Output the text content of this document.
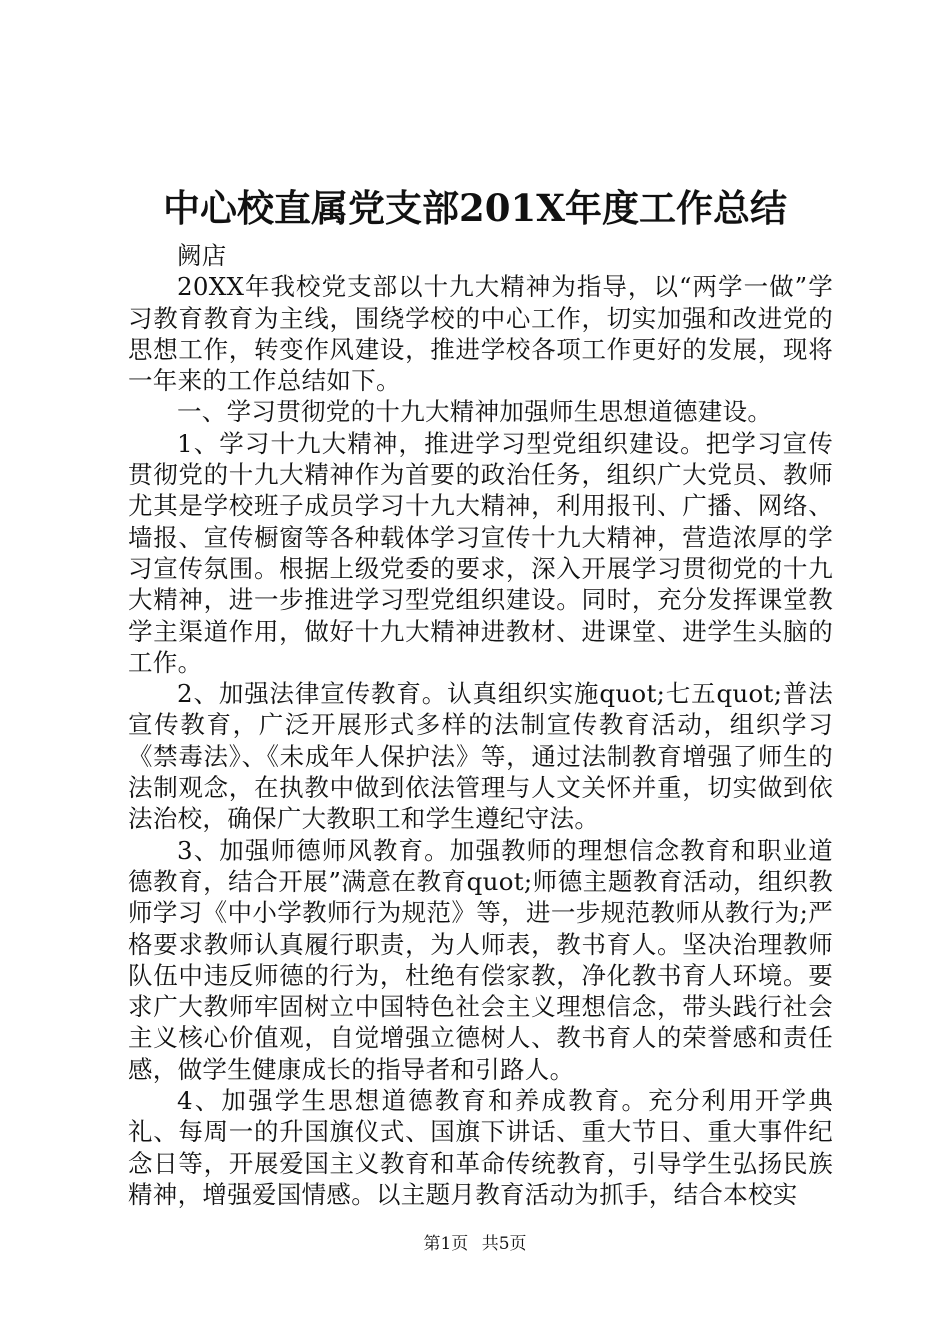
中心校直属党支部201X年度工作总结

阙店

20XX年我校党支部以十九大精神为指导，以“两学一做”学习教育教育为主线，围绕学校的中心工作，切实加强和改进党的思想工作，转变作风建设，推进学校各项工作更好的发展，现将一年来的工作总结如下。

一、学习贯彻党的十九大精神加强师生思想道德建设。

1、学习十九大精神，推进学习型党组织建设。把学习宣传贯彻党的十九大精神作为首要的政治任务，组织广大党员、教师尤其是学校班子成员学习十九大精神，利用报刊、广播、网络、墙报、宣传橱窗等各种载体学习宣传十九大精神，营造浓厚的学习宣传氛围。根据上级党委的要求，深入开展学习贯彻党的十九大精神，进一步推进学习型党组织建设。同时，充分发挥课堂教学主渠道作用，做好十九大精神进教材、进课堂、进学生头脑的工作。

2、加强法律宣传教育。认真组织实施quot;七五quot;普法宣传教育，广泛开展形式多样的法制宣传教育活动，组织学习《禁毒法》、《未成年人保护法》等，通过法制教育增强了师生的法制观念，在执教中做到依法管理与人文关怀并重，切实做到依法治校，确保广大教职工和学生遵纪守法。

3、加强师德师风教育。加强教师的理想信念教育和职业道德教育，结合开展”满意在教育quot;师德主题教育活动，组织教师学习《中小学教师行为规范》等，进一步规范教师从教行为;严格要求教师认真履行职责，为人师表，教书育人。坚决治理教师队伍中违反师德的行为，杜绝有偿家教，净化教书育人环境。要求广大教师牢固树立中国特色社会主义理想信念，带头践行社会主义核心价值观，自觉增强立德树人、教书育人的荣誉感和责任感，做学生健康成长的指导者和引路人。

4、加强学生思想道德教育和养成教育。充分利用开学典礼、每周一的升国旗仪式、国旗下讲话、重大节日、重大事件纪念日等，开展爱国主义教育和革命传统教育，引导学生弘扬民族精神，增强爱国情感。以主题月教育活动为抓手，结合本校实

第1页 共5页
